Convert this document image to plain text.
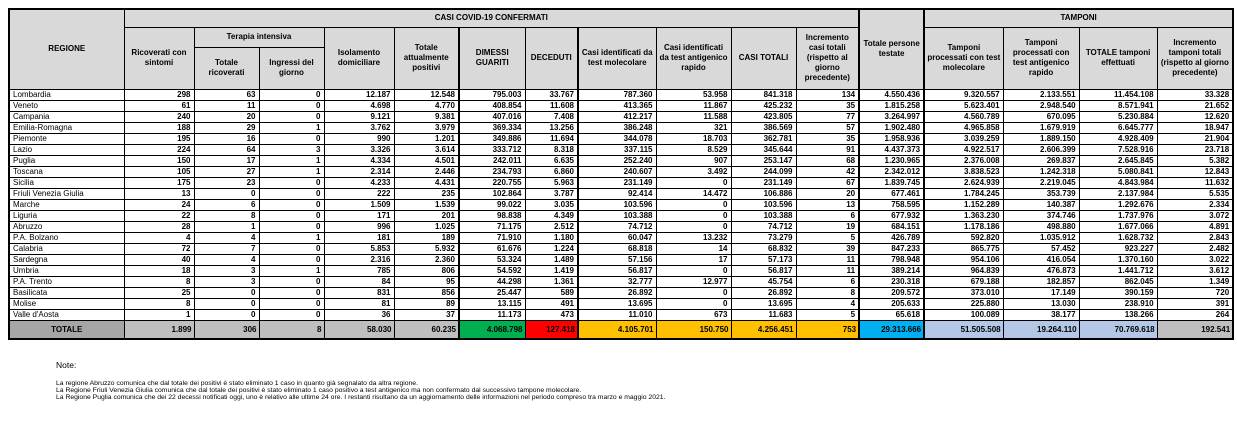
REGIONE	CASI COVID-19 CONFERMATI											Totale persone testate	TAMPONI			
	Ricoverati con sintomi	Terapia intensiva		Isolamento domiciliare	Totale attualmente positivi	DIMESSI GUARITI	DECEDUTI	Casi identificati da test molecolare	Casi identificati da test antigenico rapido	CASI TOTALI	Incremento casi totali (rispetto al giorno precedente)		Tamponi processati con test molecolare	Tamponi processati con test antigenico rapido	TOTALE tamponi effettuati	Incremento tamponi totali (rispetto al giorno precedente)
		Totale ricoverati	Ingressi del giorno													
Lombardia	298	63	0	12.187	12.548	795.003	33.767	787.360	53.958	841.318	134	4.550.436	9.320.557	2.133.551	11.454.108	33.328
Veneto	61	11	0	4.698	4.770	408.854	11.608	413.365	11.867	425.232	35	1.815.258	5.623.401	2.948.540	8.571.941	21.652
Campania	240	20	0	9.121	9.381	407.016	7.408	412.217	11.588	423.805	77	3.264.997	4.560.789	670.095	5.230.884	12.620
Emilia-Romagna	188	29	1	3.762	3.979	369.334	13.256	386.248	321	386.569	57	1.902.480	4.965.858	1.679.919	6.645.777	18.947
Piemonte	195	16	0	990	1.201	349.886	11.694	344.078	18.703	362.781	35	1.958.936	3.039.259	1.889.150	4.928.409	21.904
Lazio	224	64	3	3.326	3.614	333.712	8.318	337.115	8.529	345.644	91	4.437.373	4.922.517	2.606.399	7.528.916	23.718
Puglia	150	17	1	4.334	4.501	242.011	6.635	252.240	907	253.147	68	1.230.965	2.376.008	269.837	2.645.845	5.382
Toscana	105	27	1	2.314	2.446	234.793	6.860	240.607	3.492	244.099	42	2.342.012	3.838.523	1.242.318	5.080.841	12.843
Sicilia	175	23	0	4.233	4.431	220.755	5.963	231.149	0	231.149	67	1.839.745	2.624.939	2.219.045	4.843.984	11.632
Friuli Venezia Giulia	13	0	0	222	235	102.864	3.787	92.414	14.472	106.886	20	677.461	1.784.245	353.739	2.137.984	5.535
Marche	24	6	0	1.509	1.539	99.022	3.035	103.596	0	103.596	13	758.595	1.152.289	140.387	1.292.676	2.334
Liguria	22	8	0	171	201	98.838	4.349	103.388	0	103.388	6	677.932	1.363.230	374.746	1.737.976	3.072
Abruzzo	28	1	0	996	1.025	71.175	2.512	74.712	0	74.712	19	684.151	1.178.186	498.880	1.677.066	4.891
P.A. Bolzano	4	4	1	181	189	71.910	1.180	60.047	13.232	73.279	5	426.789	592.820	1.035.912	1.628.732	2.843
Calabria	72	7	0	5.853	5.932	61.676	1.224	68.818	14	68.832	39	847.233	865.775	57.452	923.227	2.482
Sardegna	40	4	0	2.316	2.360	53.324	1.489	57.156	17	57.173	11	798.948	954.106	416.054	1.370.160	3.022
Umbria	18	3	1	785	806	54.592	1.419	56.817	0	56.817	11	389.214	964.839	476.873	1.441.712	3.612
P.A. Trento	8	3	0	84	95	44.298	1.361	32.777	12.977	45.754	6	230.318	679.188	182.857	862.045	1.349
Basilicata	25	0	0	831	856	25.447	589	26.892	0	26.892	8	209.572	373.010	17.149	390.159	720
Molise	8	0	0	81	89	13.115	491	13.695	0	13.695	4	205.633	225.880	13.030	238.910	391
Valle d'Aosta	1	0	0	36	37	11.173	473	11.010	673	11.683	5	65.618	100.089	38.177	138.266	264
TOTALE	1.899	306	8	58.030	60.235	4.068.798	127.418	4.105.701	150.750	4.256.451	753	29.313.666	51.505.508	19.264.110	70.769.618	192.541
Note:
La regione Abruzzo comunica che dal totale dei positivi è stato eliminato 1 caso in quanto già segnalato da altra regione.
La Regione Friuli Venezia Giulia comunica che dal totale dei positivi è stato eliminato 1 caso positivo a test antigenico ma non confermato dal successivo tampone molecolare.
La Regione Puglia comunica che dei 22 decessi notificati oggi, uno è relativo alle ultime 24 ore. I restanti risultano da un aggiornamento delle informazioni nel periodo compreso tra marzo e maggio 2021.
